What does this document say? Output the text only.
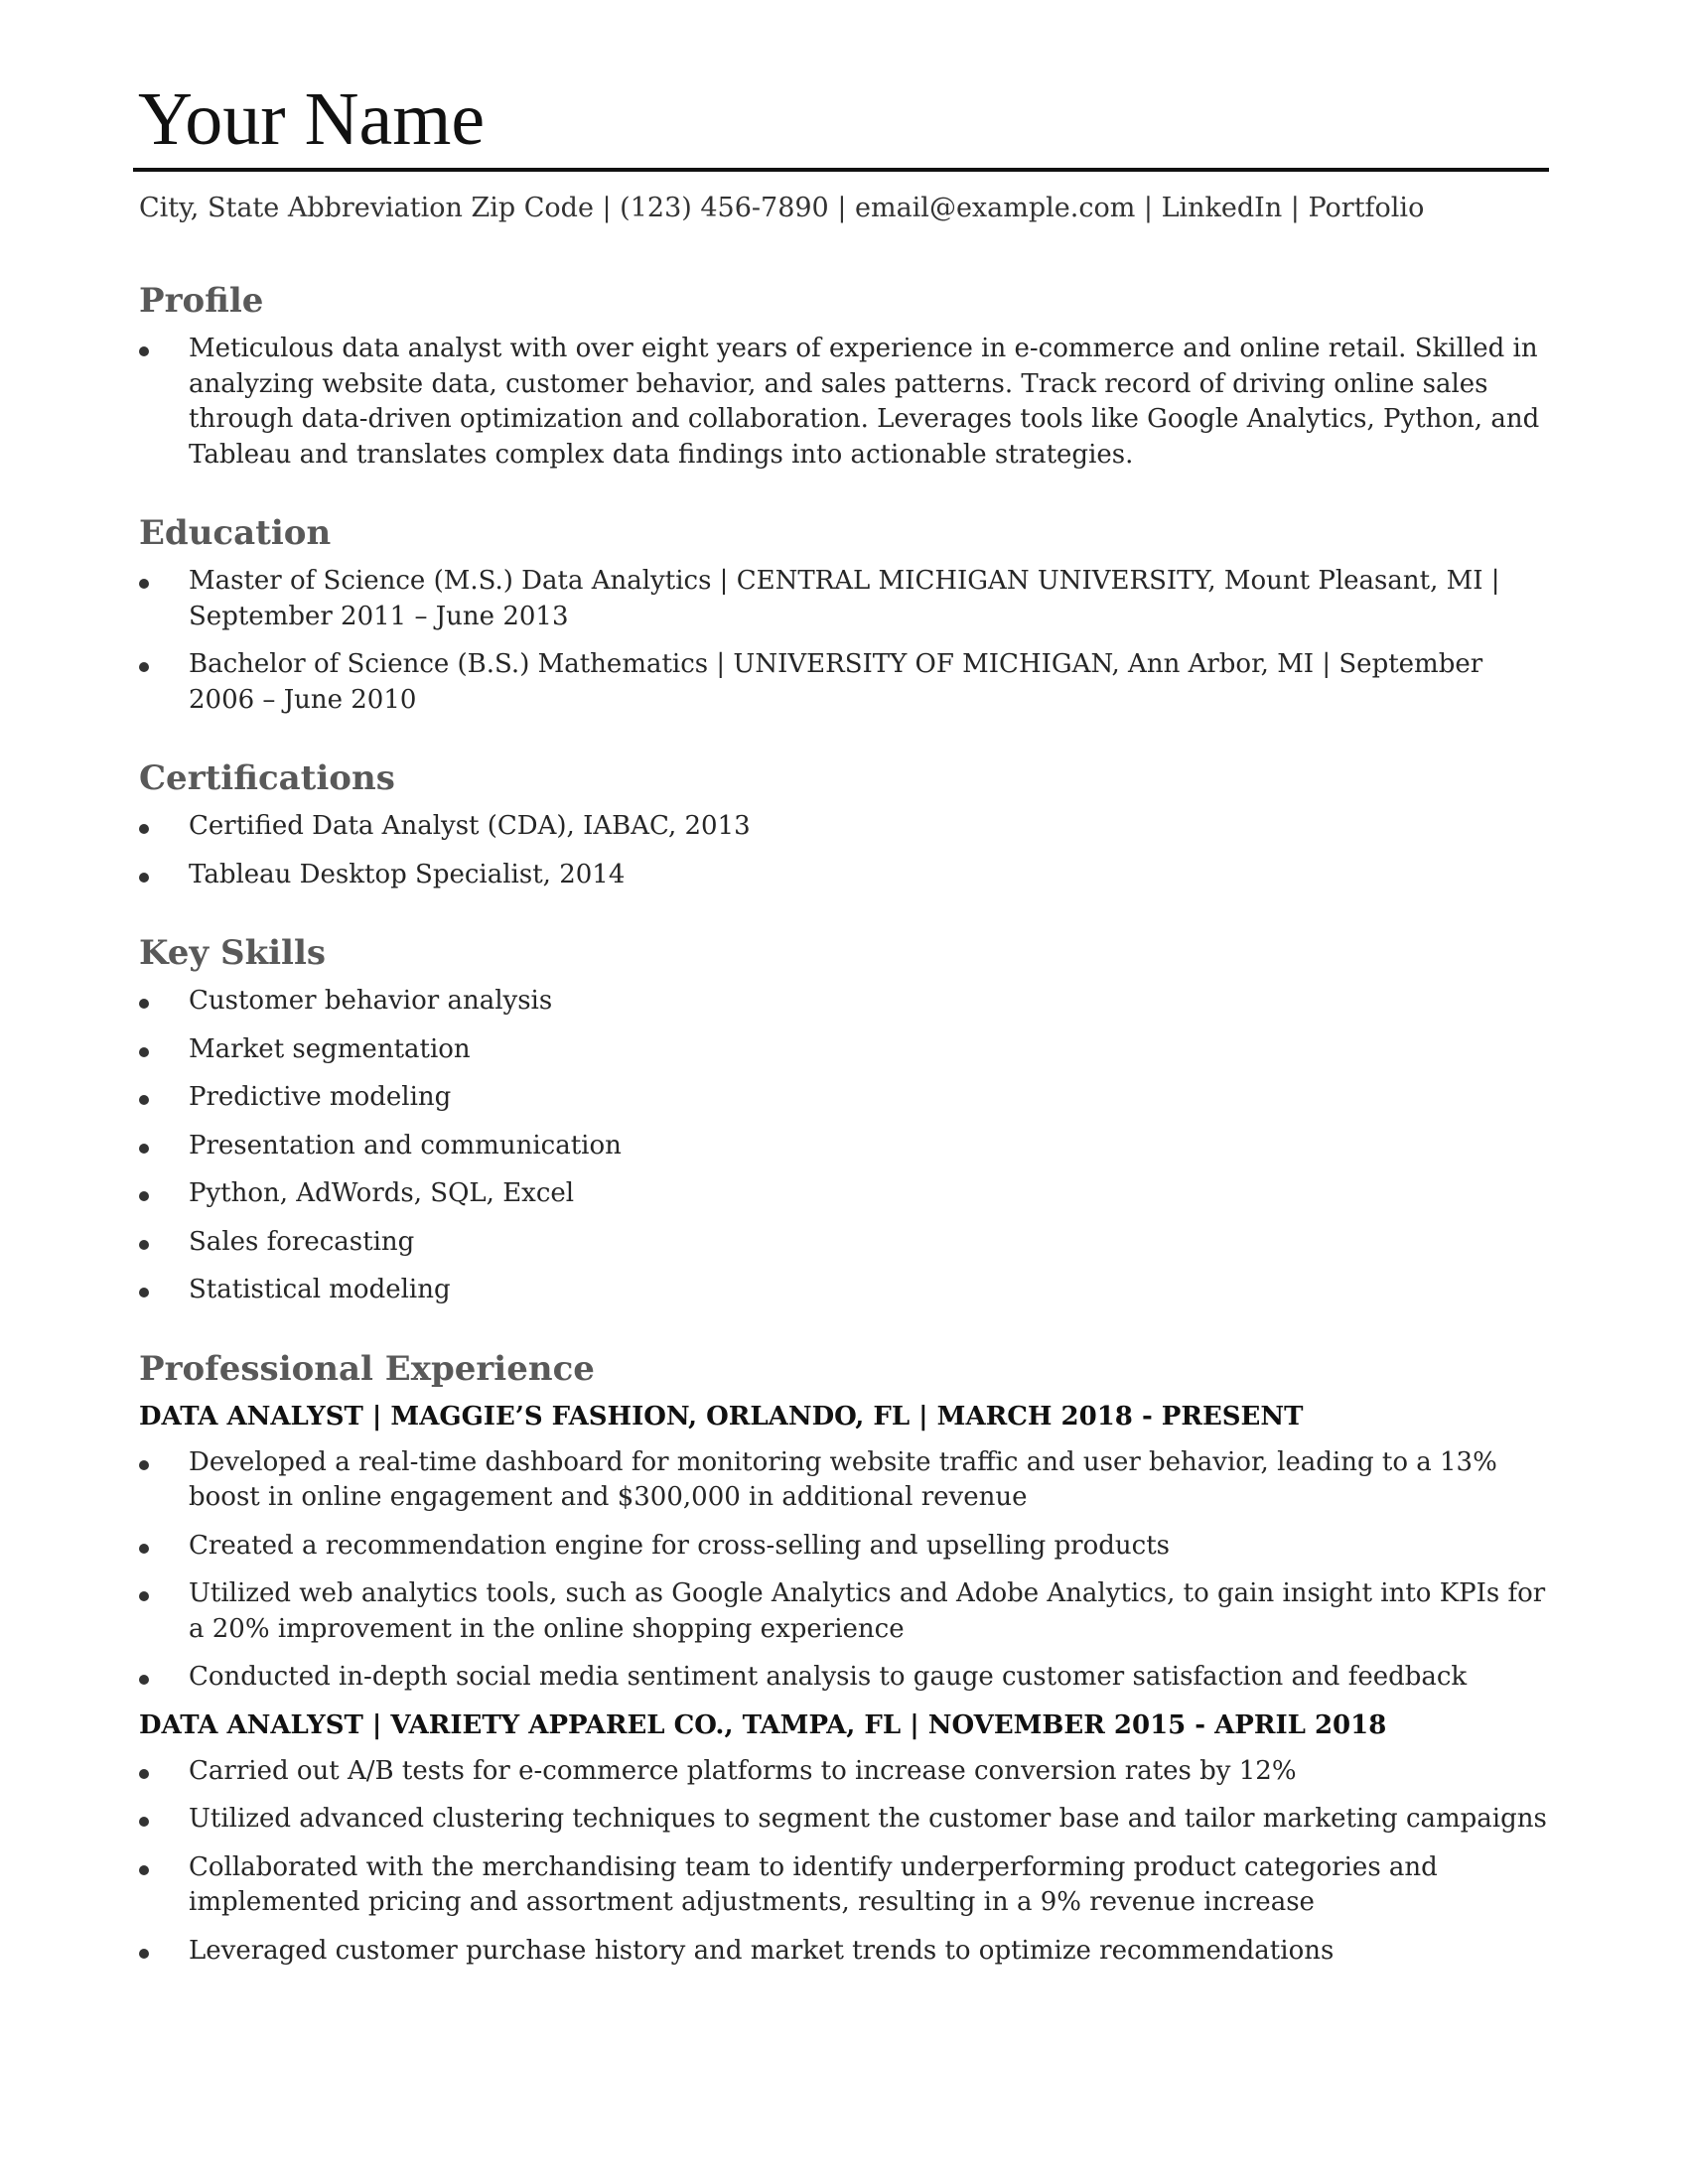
Your Name
City, State Abbreviation Zip Code | (123) 456-7890 | email@example.com | LinkedIn | Portfolio
Profile
Meticulous data analyst with over eight years of experience in e-commerce and online retail. Skilled in analyzing website data, customer behavior, and sales patterns. Track record of driving online sales through data-driven optimization and collaboration. Leverages tools like Google Analytics, Python, and Tableau and translates complex data findings into actionable strategies.
Education
Master of Science (M.S.) Data Analytics | CENTRAL MICHIGAN UNIVERSITY, Mount Pleasant, MI | September 2011 – June 2013
Bachelor of Science (B.S.) Mathematics | UNIVERSITY OF MICHIGAN, Ann Arbor, MI | September 2006 – June 2010
Certifications
Certified Data Analyst (CDA), IABAC, 2013
Tableau Desktop Specialist, 2014
Key Skills
Customer behavior analysis
Market segmentation
Predictive modeling
Presentation and communication
Python, AdWords, SQL, Excel
Sales forecasting
Statistical modeling
Professional Experience
DATA ANALYST | MAGGIE’S FASHION, ORLANDO, FL | MARCH 2018 - PRESENT
Developed a real-time dashboard for monitoring website traffic and user behavior, leading to a 13% boost in online engagement and $300,000 in additional revenue
Created a recommendation engine for cross-selling and upselling products
Utilized web analytics tools, such as Google Analytics and Adobe Analytics, to gain insight into KPIs for a 20% improvement in the online shopping experience
Conducted in-depth social media sentiment analysis to gauge customer satisfaction and feedback
DATA ANALYST | VARIETY APPAREL CO., TAMPA, FL | NOVEMBER 2015 - APRIL 2018
Carried out A/B tests for e-commerce platforms to increase conversion rates by 12%
Utilized advanced clustering techniques to segment the customer base and tailor marketing campaigns
Collaborated with the merchandising team to identify underperforming product categories and implemented pricing and assortment adjustments, resulting in a 9% revenue increase
Leveraged customer purchase history and market trends to optimize recommendations
